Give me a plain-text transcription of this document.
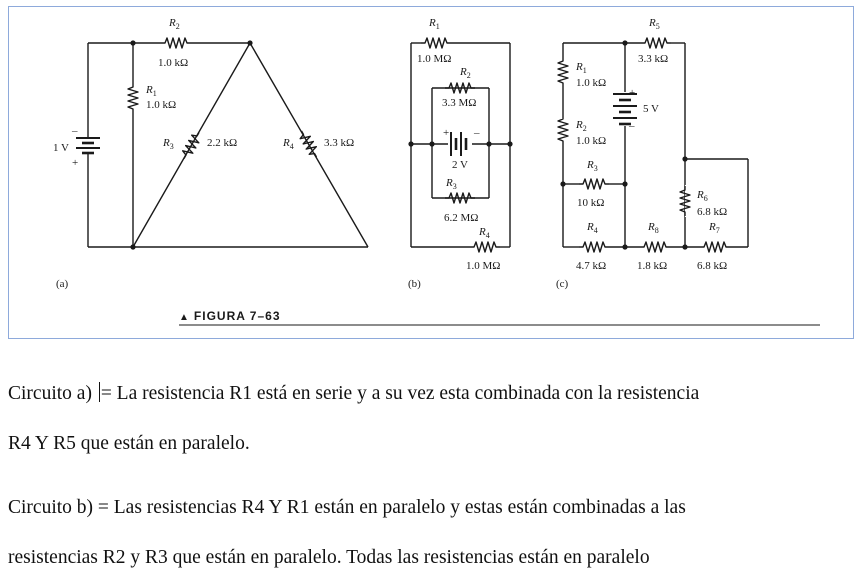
$R_2$
1.0 kΩ
$R_1$
1.0 kΩ
$R_3$	2.2 kΩ	$R_4$	3.3 kΩ
1 V
–
+
(a)
$R_1$
1.0 MΩ
$R_2$
3.3 MΩ
+ –
2 V
$R_3$
6.2 MΩ
$R_4$
1.0 MΩ
(b)
$R_5$
3.3 kΩ
$R_1$
1.0 kΩ
+
5 V
–
$R_2$
1.0 kΩ
$R_3$
10 kΩ
$R_4$
4.7 kΩ
$R_8$
1.8 kΩ
$R_6$
6.8 kΩ
$R_7$
6.8 kΩ
(c)
▲ FIGURA 7–63
Circuito a) = La resistencia R1 está en serie y a su vez esta combinada con la resistencia
R4 Y R5 que están en paralelo.
Circuito b) = Las resistencias R4 Y R1 están en paralelo y estas están combinadas a las
resistencias R2 y R3 que están en paralelo. Todas las resistencias están en paralelo
